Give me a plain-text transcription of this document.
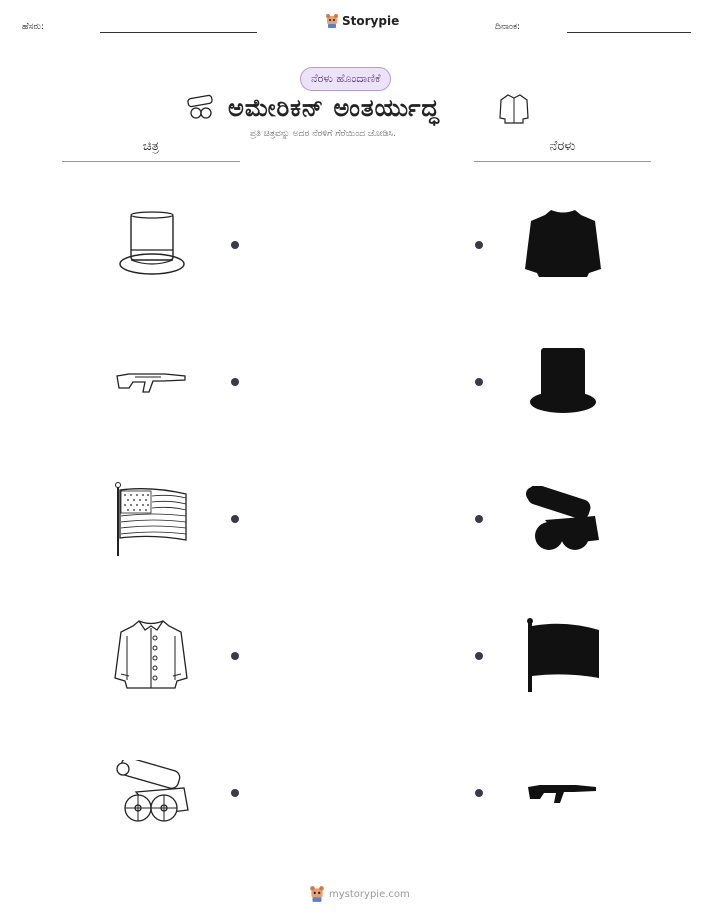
ಹೆಸರು:	Storypie	ದಿನಾಂಕ:
ನೆರಳು ಹೊಂದಾಣಿಕೆ
ಅಮೇರಿಕನ್ ಅಂತರ್ಯುದ್ಧ
ಪ್ರತಿ ಚಿತ್ರವನ್ನು ಅದರ ನೆರಳಿಗೆ ಗೆರೆಯಿಂದ ಜೋಡಿಸಿ.
ಚಿತ್ರ	ನೆರಳು
mystorypie.com
